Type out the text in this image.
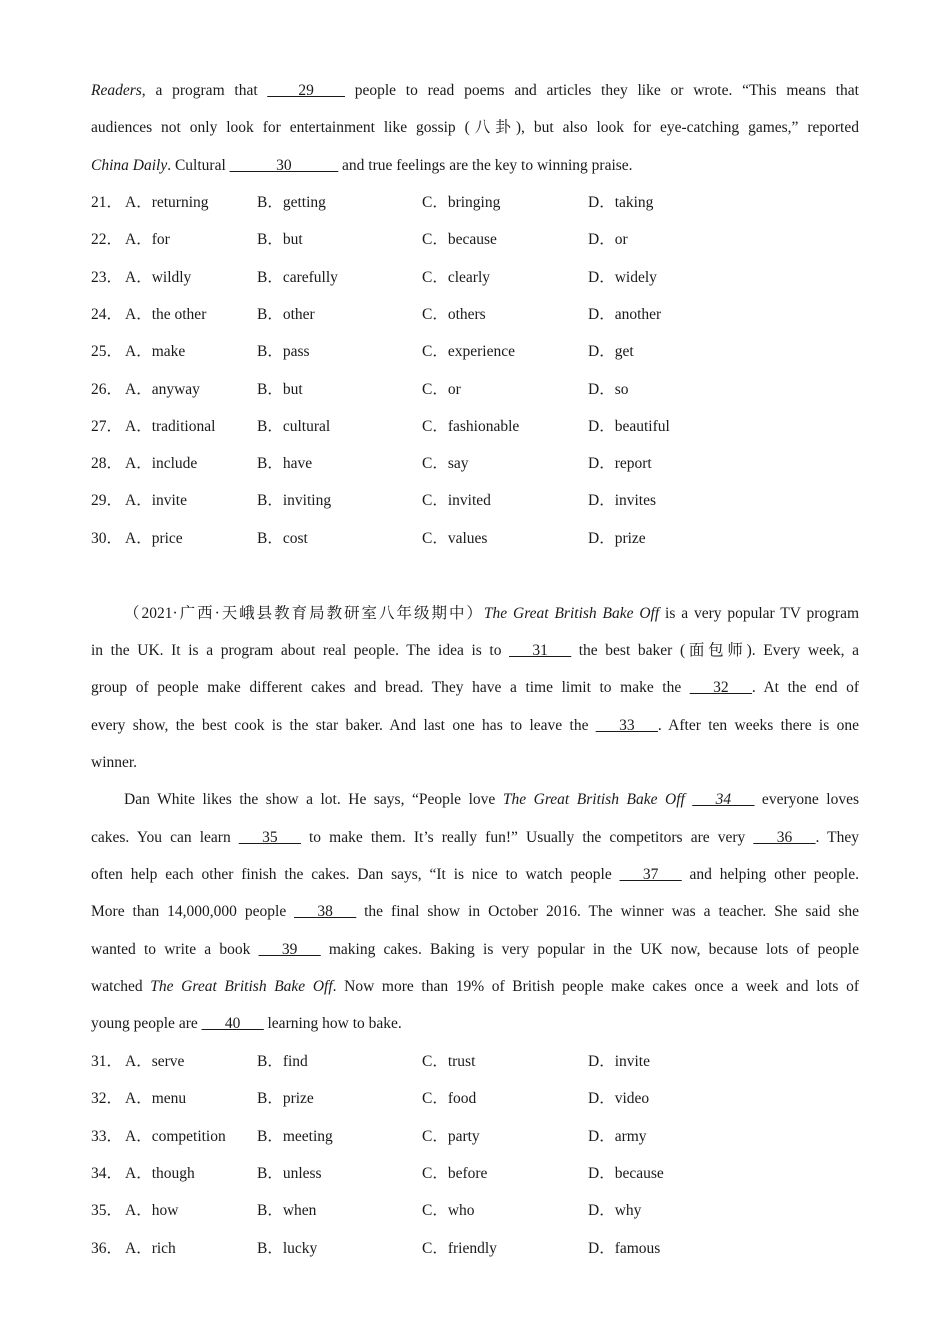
Readers, a program that ____29____ people to read poems and articles they like or wrote. “This means that
audiences not only look for entertainment like gossip (八卦), but also look for eye-catching games,” reported
China Daily. Cultural ______30______ and true feelings are the key to winning praise.
21． A．returning	B．getting	C．bringing	D．taking
22． A．for	B．but	C．because	D．or
23． A．wildly	B．carefully	C．clearly	D．widely
24． A．the other	B．other	C．others	D．another
25． A．make	B．pass	C．experience	D．get
26． A．anyway	B．but	C．or	D．so
27． A．traditional	B．cultural	C．fashionable	D．beautiful
28． A．include	B．have	C．say	D．report
29． A．invite	B．inviting	C．invited	D．invites
30． A．price	B．cost	C．values	D．prize
（2021·广西·天峨县教育局教研室八年级期中）The Great British Bake Off is a very popular TV program
in the UK. It is a program about real people. The idea is to ___31___ the best baker (面包师). Every week, a
group of people make different cakes and bread. They have a time limit to make the ___32___. At the end of
every show, the best cook is the star baker. And last one has to leave the ___33___. After ten weeks there is one
winner.
Dan White likes the show a lot. He says, “People love The Great British Bake Off ___34___ everyone loves
cakes. You can learn ___35___ to make them. It’s really fun!” Usually the competitors are very ___36___. They
often help each other finish the cakes. Dan says, “It is nice to watch people ___37___ and helping other people.
More than 14,000,000 people ___38___ the final show in October 2016. The winner was a teacher. She said she
wanted to write a book ___39___ making cakes. Baking is very popular in the UK now, because lots of people
watched The Great British Bake Off. Now more than 19% of British people make cakes once a week and lots of
young people are ___40___ learning how to bake.
31． A．serve	B．find	C．trust	D．invite
32． A．menu	B．prize	C．food	D．video
33． A．competition B．meeting	C．party	D．army
34． A．though	B．unless	C．before	D．because
35． A．how	B．when	C．who	D．why
36． A．rich	B．lucky	C．friendly	D．famous
